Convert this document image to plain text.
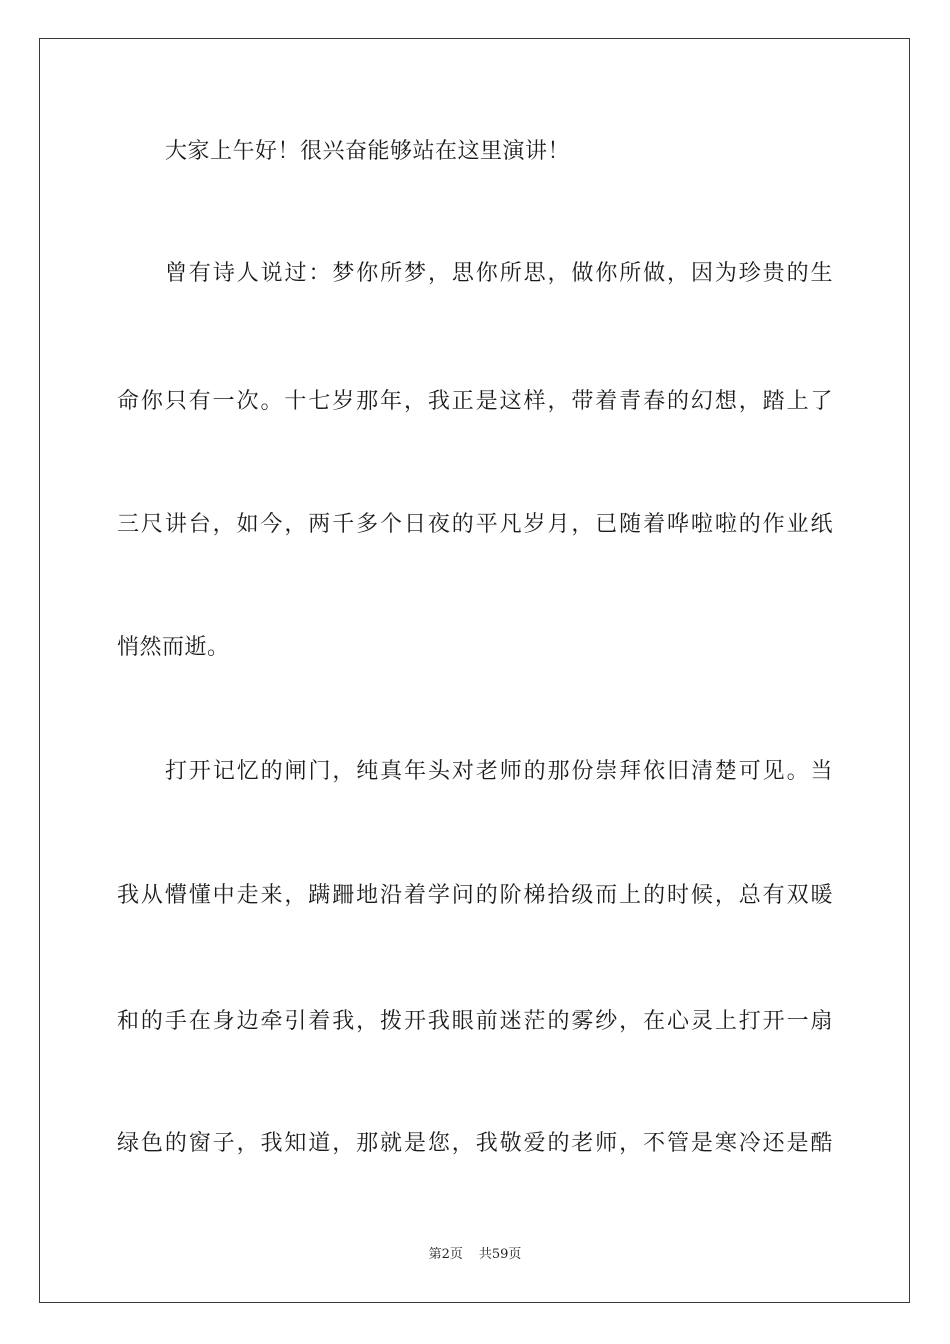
大家上午好！很兴奋能够站在这里演讲！
曾有诗人说过：梦你所梦，思你所思，做你所做，因为珍贵的生
命你只有一次。十七岁那年，我正是这样，带着青春的幻想，踏上了
三尺讲台，如今，两千多个日夜的平凡岁月，已随着哗啦啦的作业纸
悄然而逝。
打开记忆的闸门，纯真年头对老师的那份崇拜依旧清楚可见。当
我从懵懂中走来，蹒跚地沿着学问的阶梯拾级而上的时候，总有双暖
和的手在身边牵引着我，拨开我眼前迷茫的雾纱，在心灵上打开一扇
绿色的窗子，我知道，那就是您，我敬爱的老师，不管是寒冷还是酷
第2页 共59页
